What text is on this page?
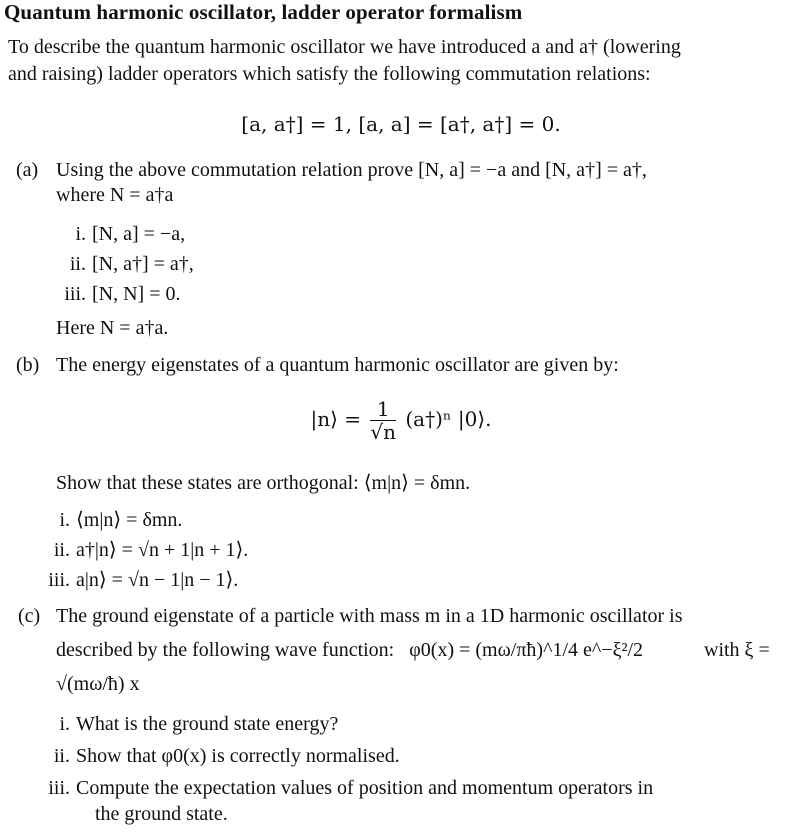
Quantum harmonic oscillator, ladder operator formalism
To describe the quantum harmonic oscillator we have introduced a and a† (lowering
and raising) ladder operators which satisfy the following commutation relations:
[a, a†] = 1, [a, a] = [a†, a†] = 0.
(a) Using the above commutation relation prove [N, a] = −a and [N, a†] = a†,
where N = a†a
i. [N, a] = −a,
ii. [N, a†] = a†,
iii. [N, N] = 0.
Here N = a†a.
(b) The energy eigenstates of a quantum harmonic oscillator are given by:
|n⟩ = $\frac{1}{√n}$ (a†)ⁿ |0⟩.
Show that these states are orthogonal: ⟨m|n⟩ = δmn.
i. ⟨m|n⟩ = δmn.
ii. a†|n⟩ = √n + 1|n + 1⟩.
iii. a|n⟩ = √n − 1|n − 1⟩.
(c) The ground eigenstate of a particle with mass m in a 1D harmonic oscillator is
described by the following wave function: φ0(x) = (mω/πħ)^1/4 e^−ξ²/2	with ξ =
√(mω/ħ) x
i. What is the ground state energy?
ii. Show that φ0(x) is correctly normalised.
iii. Compute the expectation values of position and momentum operators in
the ground state.
